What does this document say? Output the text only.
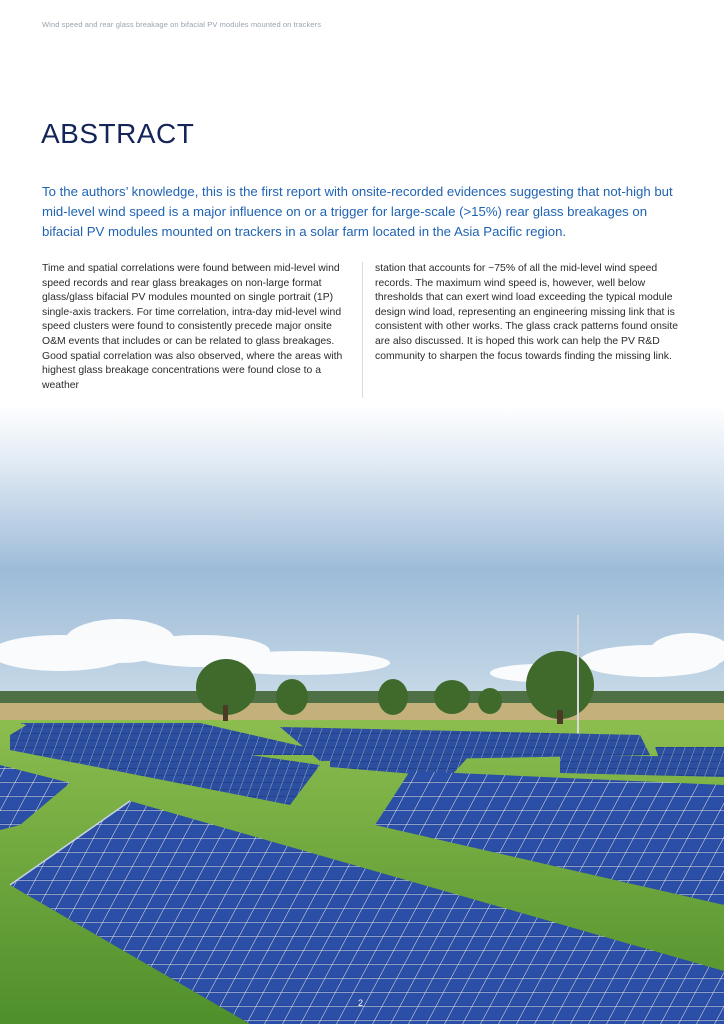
Wind speed and rear glass breakage on bifacial PV modules mounted on trackers
ABSTRACT

To the authors’ knowledge, this is the first report with onsite-recorded evidences suggesting that not-high but mid-level wind speed is a major influence on or a trigger for large-scale (>15%) rear glass breakages on bifacial PV modules mounted on trackers in a solar farm located in the Asia Pacific region.

Time and spatial correlations were found between mid-level wind speed records and rear glass breakages on non-large format glass/glass bifacial PV modules mounted on single portrait (1P) single-axis trackers. For time correlation, intra-day mid-level wind speed clusters were found to consistently precede major onsite O&M events that includes or can be related to glass breakages. Good spatial correlation was also observed, where the areas with highest glass breakage concentrations were found close to a weather

station that accounts for ~75% of all the mid-level wind speed records. The maximum wind speed is, however, well below thresholds that can exert wind load exceeding the typical module design wind load, representing an engineering missing link that is consistent with other works. The glass crack patterns found onsite are also discussed. It is hoped this work can help the PV R&D community to sharpen the focus towards finding the missing link.

2
